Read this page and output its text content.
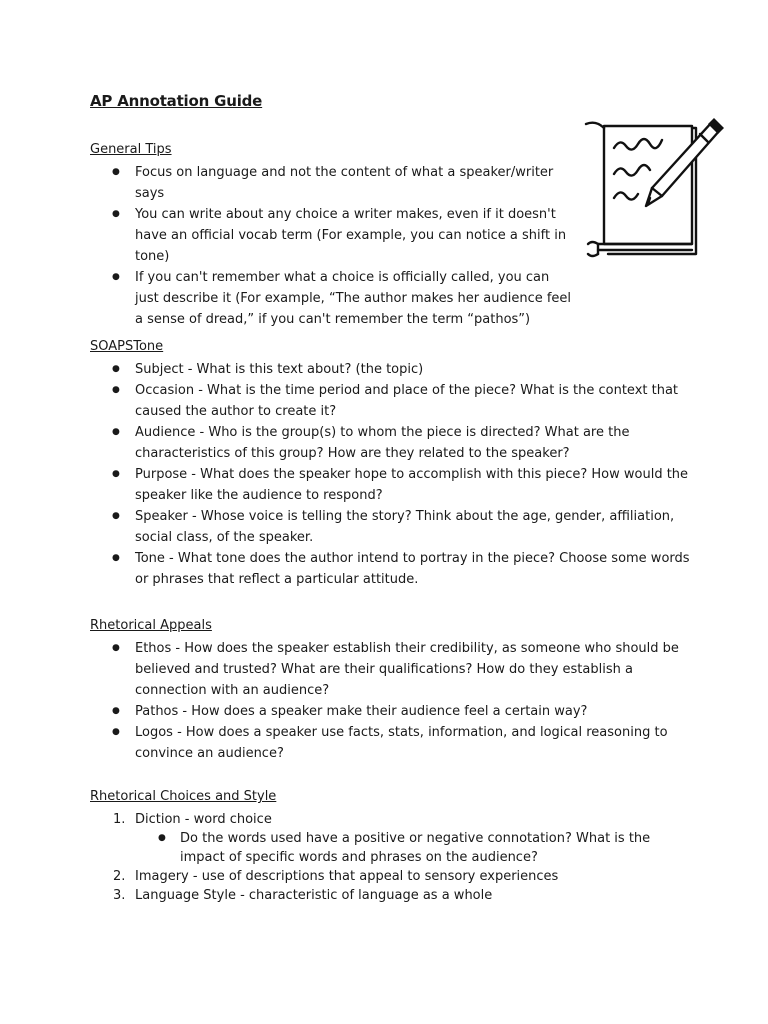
AP Annotation Guide
General Tips
● Focus on language and not the content of what a speaker/writer says
● You can write about any choice a writer makes, even if it doesn't have an official vocab term (For example, you can notice a shift in tone)
● If you can't remember what a choice is officially called, you can just describe it (For example, “The author makes her audience feel a sense of dread,” if you can't remember the term “pathos”)
SOAPSTone
● Subject - What is this text about? (the topic)
● Occasion - What is the time period and place of the piece? What is the context that caused the author to create it?
● Audience - Who is the group(s) to whom the piece is directed? What are the characteristics of this group? How are they related to the speaker?
● Purpose - What does the speaker hope to accomplish with this piece? How would the speaker like the audience to respond?
● Speaker - Whose voice is telling the story? Think about the age, gender, affiliation, social class, of the speaker.
● Tone - What tone does the author intend to portray in the piece? Choose some words or phrases that reflect a particular attitude.
Rhetorical Appeals
● Ethos - How does the speaker establish their credibility, as someone who should be believed and trusted? What are their qualifications? How do they establish a connection with an audience?
● Pathos - How does a speaker make their audience feel a certain way?
● Logos - How does a speaker use facts, stats, information, and logical reasoning to convince an audience?
Rhetorical Choices and Style
1. Diction - word choice
● Do the words used have a positive or negative connotation? What is the impact of specific words and phrases on the audience?
2. Imagery - use of descriptions that appeal to sensory experiences
3. Language Style - characteristic of language as a whole
